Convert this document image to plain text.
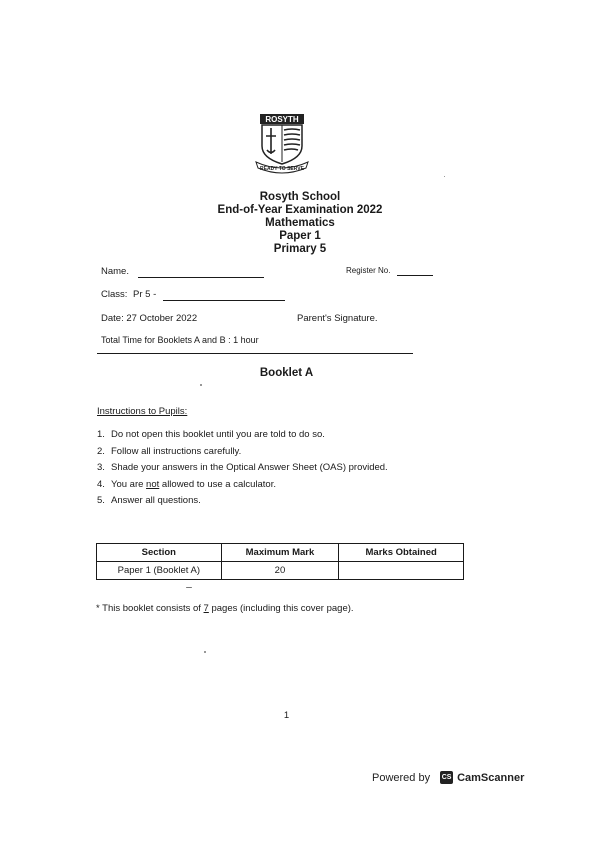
ROSYTH
READY TO SERVE
Rosyth School
End-of-Year Examination 2022
Mathematics
Paper 1
Primary 5
Name.	Register No.
Class: Pr 5 -
Date: 27 October 2022	Parent's Signature.
Total Time for Booklets A and B : 1 hour
Booklet A
Instructions to Pupils:
1. Do not open this booklet until you are told to do so.
2. Follow all instructions carefully.
3. Shade your answers in the Optical Answer Sheet (OAS) provided.
4. You are not allowed to use a calculator.
5. Answer all questions.
Section	Maximum Mark	Marks Obtained
Paper 1 (Booklet A)	20	
* This booklet consists of 7 pages (including this cover page).
1
Powered by CS CamScanner
